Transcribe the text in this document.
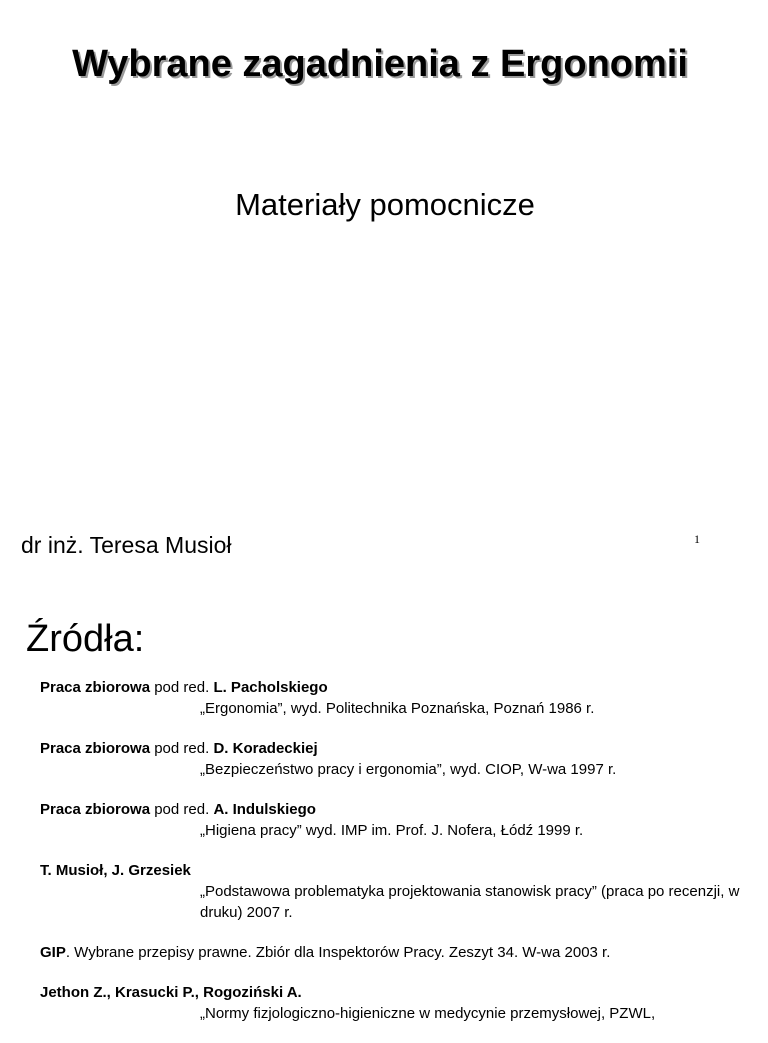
Wybrane zagadnienia z Ergonomii
Materiały pomocnicze
dr inż. Teresa Musioł	1
Źródła:
Praca zbiorowa pod red. L. Pacholskiego
„Ergonomia”, wyd. Politechnika Poznańska, Poznań 1986 r.
Praca zbiorowa pod red. D. Koradeckiej
„Bezpieczeństwo pracy i ergonomia”, wyd. CIOP, W-wa 1997 r.
Praca zbiorowa pod red. A. Indulskiego
„Higiena pracy” wyd. IMP im. Prof. J. Nofera, Łódź 1999 r.
T. Musioł, J. Grzesiek
„Podstawowa problematyka projektowania stanowisk pracy” (praca po recenzji, w druku) 2007 r.
GIP. Wybrane przepisy prawne. Zbiór dla Inspektorów Pracy. Zeszyt 34. W-wa 2003 r.
Jethon Z., Krasucki P., Rogoziński A.
„Normy fizjologiczno-higieniczne w medycynie przemysłowej, PZWL,
